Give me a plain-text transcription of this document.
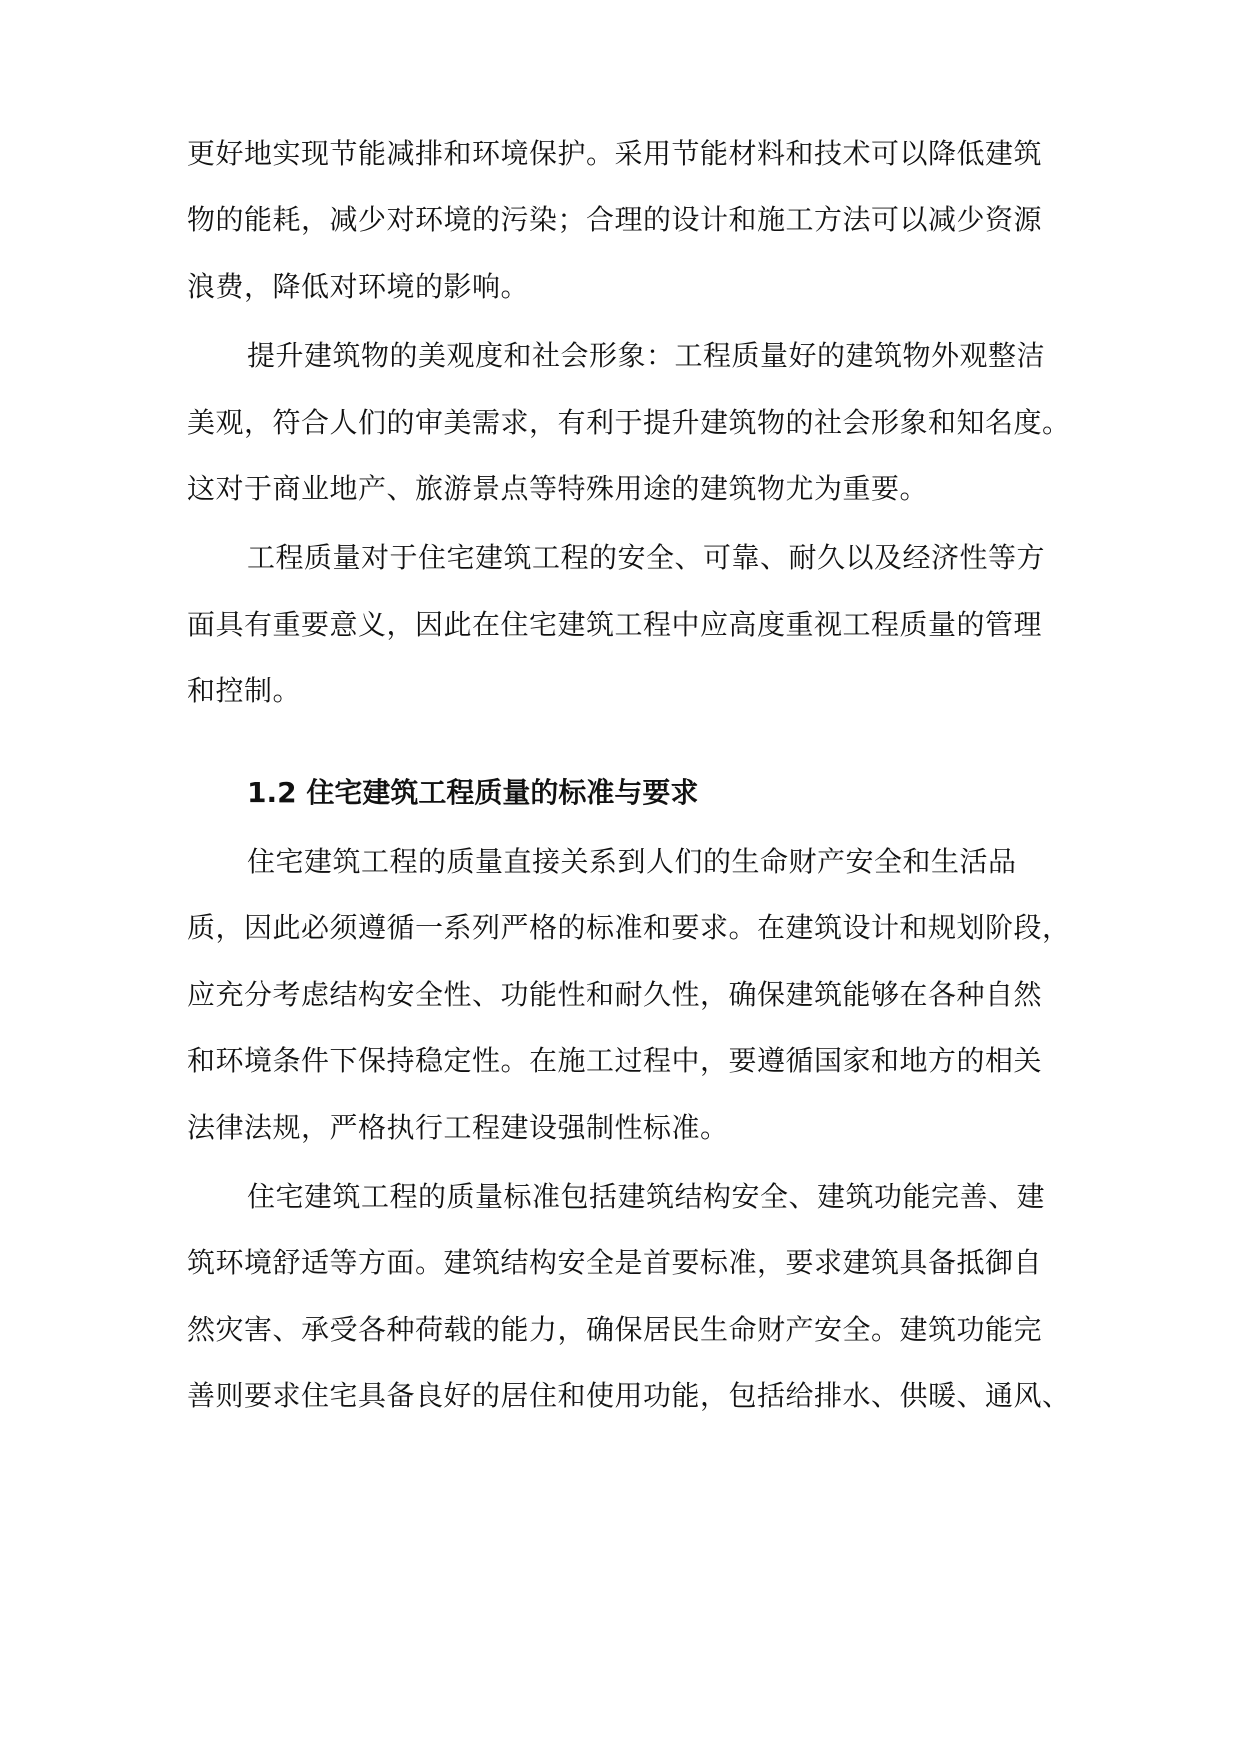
更好地实现节能减排和环境保护。采用节能材料和技术可以降低建筑
物的能耗，减少对环境的污染；合理的设计和施工方法可以减少资源
浪费，降低对环境的影响。
提升建筑物的美观度和社会形象：工程质量好的建筑物外观整洁
美观，符合人们的审美需求，有利于提升建筑物的社会形象和知名度。
这对于商业地产、旅游景点等特殊用途的建筑物尤为重要。
工程质量对于住宅建筑工程的安全、可靠、耐久以及经济性等方
面具有重要意义，因此在住宅建筑工程中应高度重视工程质量的管理
和控制。
1.2 住宅建筑工程质量的标准与要求
住宅建筑工程的质量直接关系到人们的生命财产安全和生活品
质，因此必须遵循一系列严格的标准和要求。在建筑设计和规划阶段，
应充分考虑结构安全性、功能性和耐久性，确保建筑能够在各种自然
和环境条件下保持稳定性。在施工过程中，要遵循国家和地方的相关
法律法规，严格执行工程建设强制性标准。
住宅建筑工程的质量标准包括建筑结构安全、建筑功能完善、建
筑环境舒适等方面。建筑结构安全是首要标准，要求建筑具备抵御自
然灾害、承受各种荷载的能力，确保居民生命财产安全。建筑功能完
善则要求住宅具备良好的居住和使用功能，包括给排水、供暖、通风、
